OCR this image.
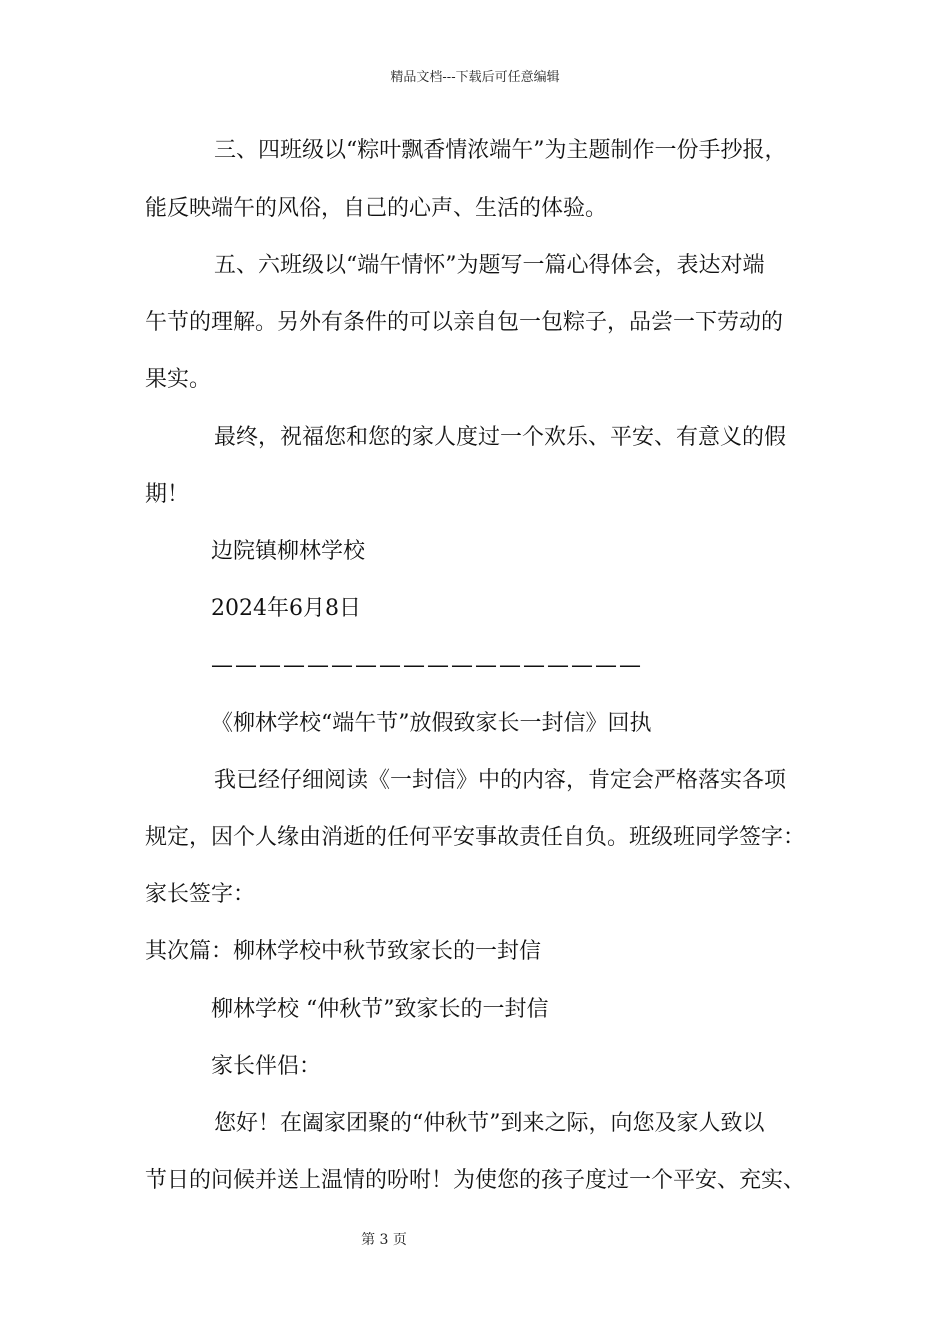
精品文档---下载后可任意编辑
三、四班级以“粽叶飘香情浓端午”为主题制作一份手抄报，
能反映端午的风俗，自己的心声、生活的体验。
五、六班级以“端午情怀”为题写一篇心得体会，表达对端
午节的理解。另外有条件的可以亲自包一包粽子，品尝一下劳动的
果实。
最终，祝福您和您的家人度过一个欢乐、平安、有意义的假
期！
边院镇柳林学校
2024年6月8日
——————————————————
《柳林学校“端午节”放假致家长一封信》回执
我已经仔细阅读《一封信》中的内容，肯定会严格落实各项
规定，因个人缘由消逝的任何平安事故责任自负。班级班同学签字：
家长签字：
其次篇：柳林学校中秋节致家长的一封信
柳林学校 “仲秋节”致家长的一封信
家长伴侣：
您好！在阖家团聚的“仲秋节”到来之际，向您及家人致以
节日的问候并送上温情的吩咐！为使您的孩子度过一个平安、充实、
第 3 页
